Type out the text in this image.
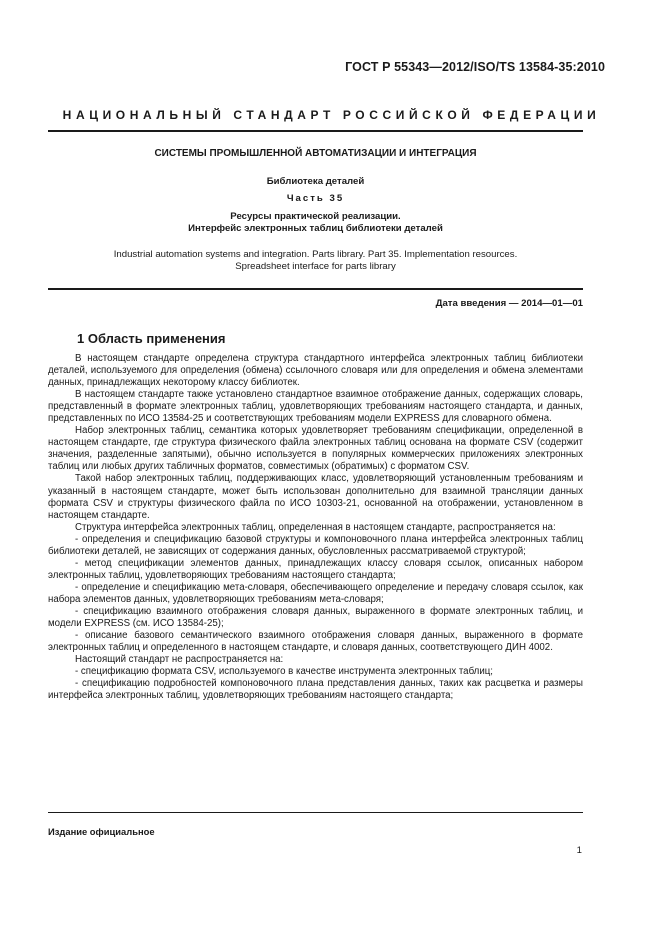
ГОСТ Р 55343—2012/ISO/TS 13584-35:2010
НАЦИОНАЛЬНЫЙ СТАНДАРТ РОССИЙСКОЙ ФЕДЕРАЦИИ
СИСТЕМЫ ПРОМЫШЛЕННОЙ АВТОМАТИЗАЦИИ И ИНТЕГРАЦИЯ
Библиотека деталей
Часть 35
Ресурсы практической реализации.
Интерфейс электронных таблиц библиотеки деталей
Industrial automation systems and integration. Parts library. Part 35. Implementation resources.
Spreadsheet interface for parts library
Дата введения — 2014—01—01
1 Область применения

В настоящем стандарте определена структура стандартного интерфейса электронных таблиц библиотеки деталей, используемого для определения (обмена) ссылочного словаря или для определения и обмена элементами данных, принадлежащих некоторому классу библиотек.

В настоящем стандарте также установлено стандартное взаимное отображение данных, содержащих словарь, представленный в формате электронных таблиц, удовлетворяющих требованиям настоящего стандарта, и данных, представленных по ИСО 13584-25 и соответствующих требованиям модели EXPRESS для словарного обмена.

Набор электронных таблиц, семантика которых удовлетворяет требованиям спецификации, определенной в настоящем стандарте, где структура физического файла электронных таблиц основана на формате CSV (содержит значения, разделенные запятыми), обычно используется в популярных коммерческих приложениях электронных таблиц или любых других табличных форматов, совместимых (обратимых) с форматом CSV.

Такой набор электронных таблиц, поддерживающих класс, удовлетворяющий установленным требованиям и указанный в настоящем стандарте, может быть использован дополнительно для взаимной трансляции данных формата CSV и структуры физического файла по ИСО 10303-21, основанной на отображении, установленном в настоящем стандарте.

Структура интерфейса электронных таблиц, определенная в настоящем стандарте, распространяется на:

- определения и спецификацию базовой структуры и компоновочного плана интерфейса электронных таблиц библиотеки деталей, не зависящих от содержания данных, обусловленных рассматриваемой структурой;

- метод спецификации элементов данных, принадлежащих классу словаря ссылок, описанных набором электронных таблиц, удовлетворяющих требованиям настоящего стандарта;

- определение и спецификацию мета-словаря, обеспечивающего определение и передачу словаря ссылок, как набора элементов данных, удовлетворяющих требованиям мета-словаря;

- спецификацию взаимного отображения словаря данных, выраженного в формате электронных таблиц, и модели EXPRESS (см. ИСО 13584-25);

- описание базового семантического взаимного отображения словаря данных, выраженного в формате электронных таблиц и определенного в настоящем стандарте, и словаря данных, соответствующего ДИН 4002.

Настоящий стандарт не распространяется на:

- спецификацию формата CSV, используемого в качестве инструмента электронных таблиц;

- спецификацию подробностей компоновочного плана представления данных, таких как расцветка и размеры интерфейса электронных таблиц, удовлетворяющих требованиям настоящего стандарта;

Издание официальное
1
